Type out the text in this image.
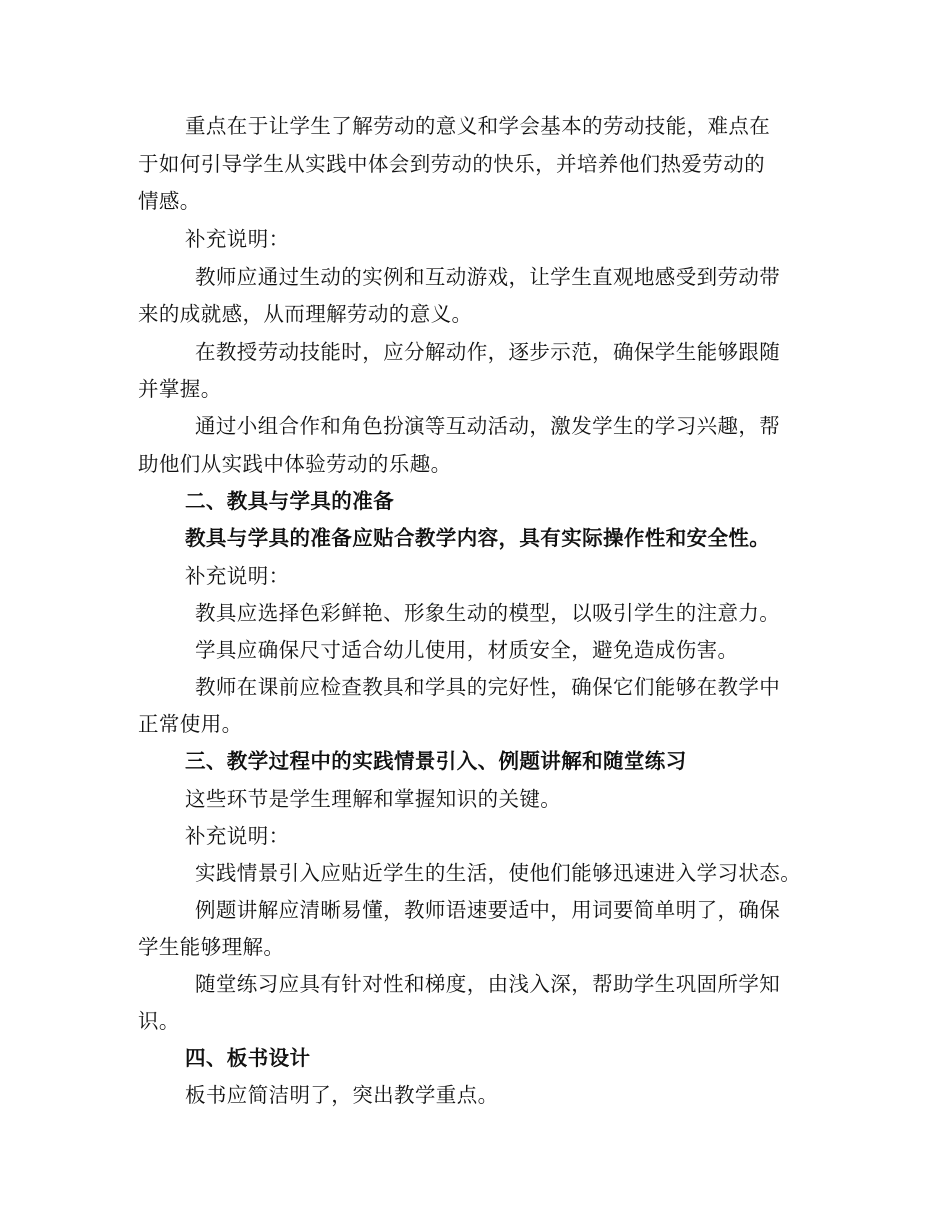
重点在于让学生了解劳动的意义和学会基本的劳动技能，难点在
于如何引导学生从实践中体会到劳动的快乐，并培养他们热爱劳动的
情感。
补充说明：
教师应通过生动的实例和互动游戏，让学生直观地感受到劳动带
来的成就感，从而理解劳动的意义。
在教授劳动技能时，应分解动作，逐步示范，确保学生能够跟随
并掌握。
通过小组合作和角色扮演等互动活动，激发学生的学习兴趣，帮
助他们从实践中体验劳动的乐趣。
二、教具与学具的准备
教具与学具的准备应贴合教学内容，具有实际操作性和安全性。
补充说明：
教具应选择色彩鲜艳、形象生动的模型，以吸引学生的注意力。
学具应确保尺寸适合幼儿使用，材质安全，避免造成伤害。
教师在课前应检查教具和学具的完好性，确保它们能够在教学中
正常使用。
三、教学过程中的实践情景引入、例题讲解和随堂练习
这些环节是学生理解和掌握知识的关键。
补充说明：
实践情景引入应贴近学生的生活，使他们能够迅速进入学习状态。
例题讲解应清晰易懂，教师语速要适中，用词要简单明了，确保
学生能够理解。
随堂练习应具有针对性和梯度，由浅入深，帮助学生巩固所学知
识。
四、板书设计
板书应简洁明了，突出教学重点。
